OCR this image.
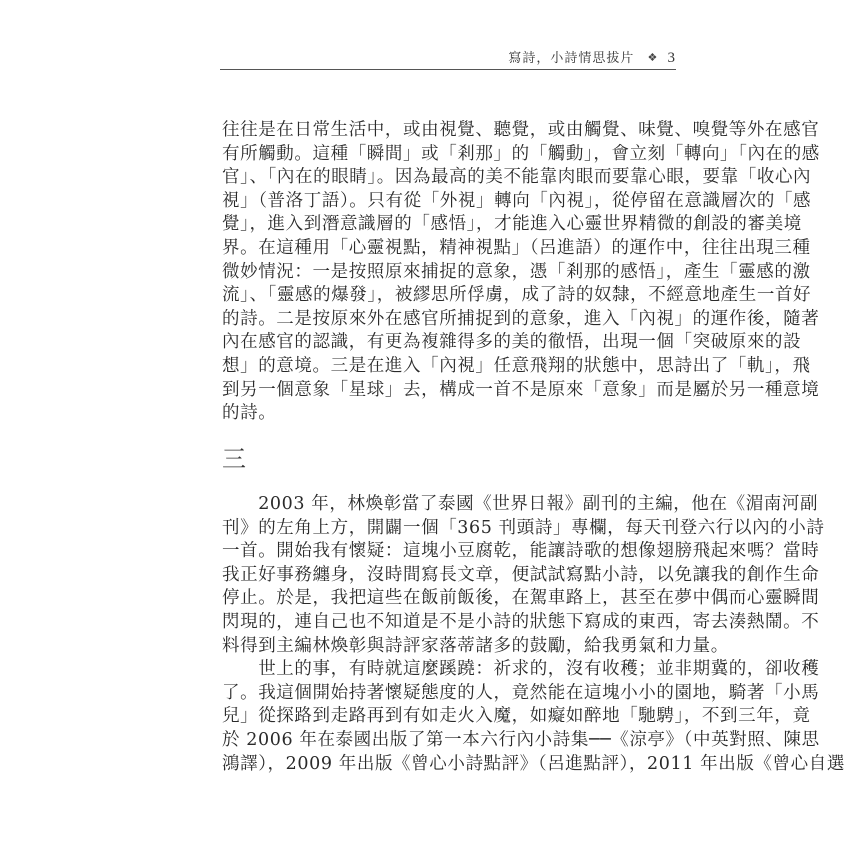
寫詩，小詩情思拔片 ❖ 3
往往是在日常生活中，或由視覺、聽覺，或由觸覺、味覺、嗅覺等外在感官
有所觸動。這種「瞬間」或「剎那」的「觸動」，會立刻「轉向」「內在的感
官」、「內在的眼睛」。因為最高的美不能靠肉眼而要靠心眼，要靠「收心內
視」（普洛丁語）。只有從「外視」轉向「內視」，從停留在意識層次的「感
覺」，進入到潛意識層的「感悟」，才能進入心靈世界精微的創設的審美境
界。在這種用「心靈視點，精神視點」（呂進語）的運作中，往往出現三種
微妙情況：一是按照原來捕捉的意象，憑「剎那的感悟」，產生「靈感的激
流」、「靈感的爆發」，被繆思所俘虜，成了詩的奴隸，不經意地產生一首好
的詩。二是按原來外在感官所捕捉到的意象，進入「內視」的運作後，隨著
內在感官的認識，有更為複雜得多的美的徹悟，出現一個「突破原來的設
想」的意境。三是在進入「內視」任意飛翔的狀態中，思詩出了「軌」，飛
到另一個意象「星球」去，構成一首不是原來「意象」而是屬於另一種意境
的詩。
三
　　2003 年，林煥彰當了泰國《世界日報》副刊的主編，他在《湄南河副
刊》的左角上方，開闢一個「365 刊頭詩」專欄，每天刊登六行以內的小詩
一首。開始我有懷疑：這塊小豆腐乾，能讓詩歌的想像翅膀飛起來嗎？當時
我正好事務纏身，沒時間寫長文章，便試試寫點小詩，以免讓我的創作生命
停止。於是，我把這些在飯前飯後，在駕車路上，甚至在夢中偶而心靈瞬間
閃現的，連自己也不知道是不是小詩的狀態下寫成的東西，寄去湊熱鬧。不
料得到主編林煥彰與詩評家落蒂諸多的鼓勵，給我勇氣和力量。
　　世上的事，有時就這麼蹊蹺：祈求的，沒有收穫；並非期冀的，卻收穫
了。我這個開始持著懷疑態度的人，竟然能在這塊小小的園地，騎著「小馬
兒」從探路到走路再到有如走火入魔，如癡如醉地「馳騁」，不到三年，竟
於 2006 年在泰國出版了第一本六行內小詩集──《涼亭》（中英對照、陳思
鴻譯），2009 年出版《曾心小詩點評》（呂進點評），2011 年出版《曾心自選
